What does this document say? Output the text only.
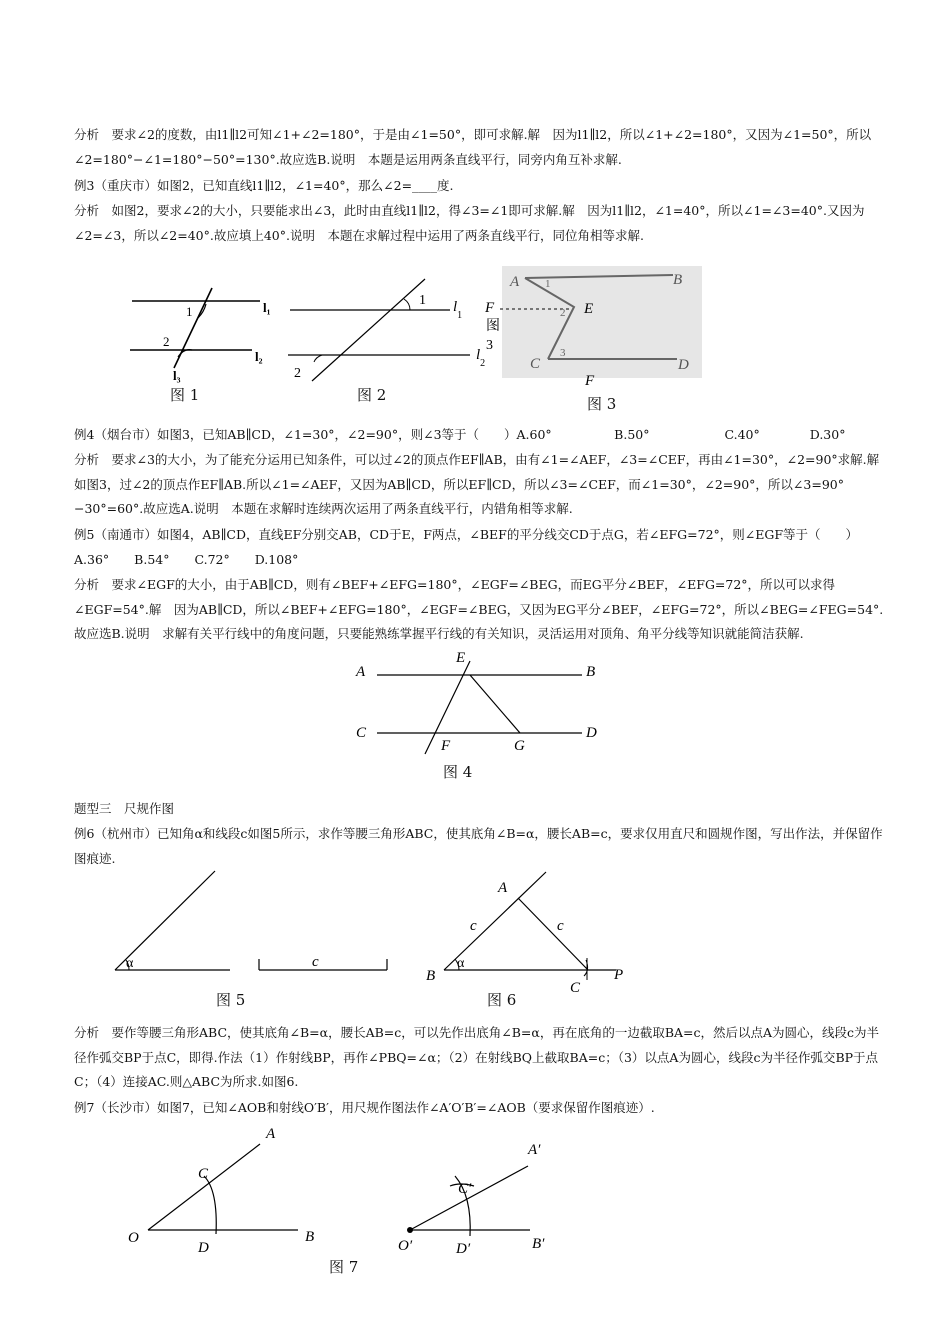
分析　要求∠2的度数，由l1∥l2可知∠1+∠2=180°，于是由∠1=50°，即可求解.解　因为l1∥l2，所以∠1+∠2=180°，又因为∠1=50°，所以∠2=180°−∠1=180°−50°=130°.故应选B.说明　本题是运用两条直线平行，同旁内角互补求解.

例3（重庆市）如图2，已知直线l1∥l2，∠1=40°，那么∠2=____度.

分析　如图2，要求∠2的大小，只要能求出∠3，此时由直线l1∥l2，得∠3=∠1即可求解.解　因为l1∥l2，∠1=40°，所以∠1=∠3=40°.又因为∠2=∠3，所以∠2=40°.故应填上40°.说明　本题在求解过程中运用了两条直线平行，同位角相等求解.

1
2
l₁
l₂
l₃
图 1
1
2
$l_1$
$l_2$
图 2
A	B
C	D
E
F
F
1
2
3
图
3
图 3

例4（烟台市）如图3，已知AB∥CD，∠1=30°，∠2=90°，则∠3等于（　　）A.60°　　　　　B.50°　　　　　　C.40°　　　　D.30°

分析　要求∠3的大小，为了能充分运用已知条件，可以过∠2的顶点作EF∥AB，由有∠1=∠AEF，∠3=∠CEF，再由∠1=30°，∠2=90°求解.解　如图3，过∠2的顶点作EF∥AB.所以∠1=∠AEF，又因为AB∥CD，所以EF∥CD，所以∠3=∠CEF，而∠1=30°，∠2=90°，所以∠3=90°−30°=60°.故应选A.说明　本题在求解时连续两次运用了两条直线平行，内错角相等求解.

例5（南通市）如图4，AB∥CD，直线EF分别交AB，CD于E，F两点，∠BEF的平分线交CD于点G，若∠EFG=72°，则∠EGF等于（　　）A.36°　　B.54°　　C.72°　　D.108°

分析　要求∠EGF的大小，由于AB∥CD，则有∠BEF+∠EFG=180°，∠EGF=∠BEG，而EG平分∠BEF，∠EFG=72°，所以可以求得∠EGF=54°.解　因为AB∥CD，所以∠BEF+∠EFG=180°，∠EGF=∠BEG，又因为EG平分∠BEF，∠EFG=72°，所以∠BEG=∠FEG=54°.故应选B.说明　求解有关平行线中的角度问题，只要能熟练掌握平行线的有关知识，灵活运用对顶角、角平分线等知识就能简洁获解.

A	B
C	D
E
F	G
图 4

题型三　尺规作图

例6（杭州市）已知角α和线段c如图5所示，求作等腰三角形ABC，使其底角∠B=α，腰长AB=c，要求仅用直尺和圆规作图，写出作法，并保留作图痕迹.

α	c
图 5
A
B
C
P
α
c	c
图 6

分析　要作等腰三角形ABC，使其底角∠B=α，腰长AB=c，可以先作出底角∠B=α，再在底角的一边截取BA=c，然后以点A为圆心，线段c为半径作弧交BP于点C，即得.作法（1）作射线BP，再作∠PBQ=∠α；（2）在射线BQ上截取BA=c；（3）以点A为圆心，线段c为半径作弧交BP于点C；（4）连接AC.则△ABC为所求.如图6.

例7（长沙市）如图7，已知∠AOB和射线O′B′，用尺规作图法作∠A′O′B′=∠AOB（要求保留作图痕迹）.

A
B
C
D
O
A′
B′
C′
D′
O′
图 7
